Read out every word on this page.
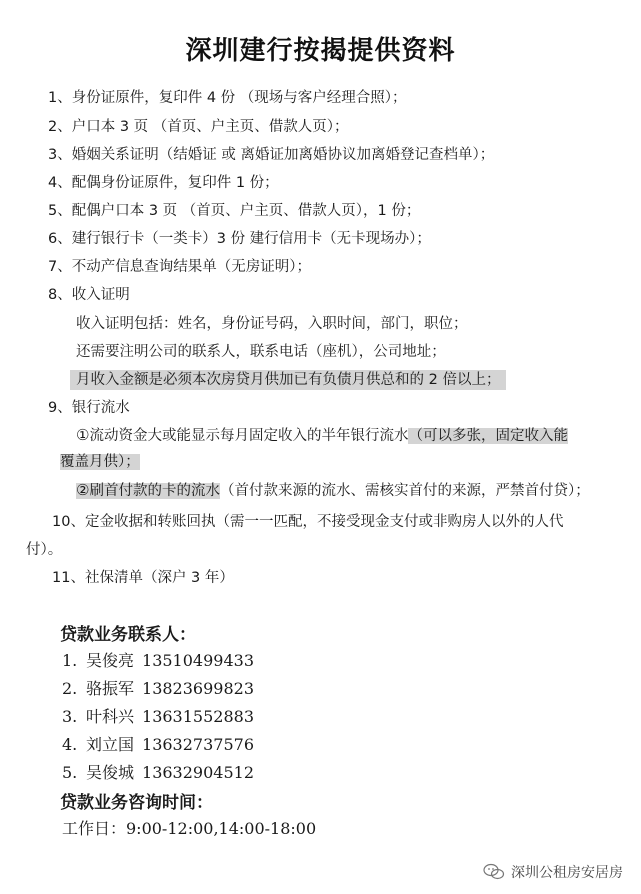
深圳建行按揭提供资料
1、身份证原件，复印件 4 份 （现场与客户经理合照）；
2、户口本 3 页 （首页、户主页、借款人页）；
3、婚姻关系证明（结婚证 或 离婚证加离婚协议加离婚登记查档单）；
4、配偶身份证原件，复印件 1 份；
5、配偶户口本 3 页 （首页、户主页、借款人页），1 份；
6、建行银行卡（一类卡）3 份 建行信用卡（无卡现场办）；
7、不动产信息查询结果单（无房证明）；
8、收入证明
收入证明包括：姓名，身份证号码，入职时间，部门，职位；
还需要注明公司的联系人，联系电话（座机），公司地址；
月收入金额是必须本次房贷月供加已有负债月供总和的 2 倍以上；
9、银行流水
①流动资金大或能显示每月固定收入的半年银行流水（可以多张，固定收入能
覆盖月供）；
②刷首付款的卡的流水（首付款来源的流水、需核实首付的来源，严禁首付贷）；
10、定金收据和转账回执（需一一匹配，不接受现金支付或非购房人以外的人代
付）。
11、社保清单（深户 3 年）
贷款业务联系人：
1. 吴俊亮 13510499433
2. 骆振军 13823699823
3. 叶科兴 13631552883
4. 刘立国 13632737576
5. 吴俊城 13632904512
贷款业务咨询时间：
工作日：9:00-12:00,14:00-18:00
深圳公租房安居房
